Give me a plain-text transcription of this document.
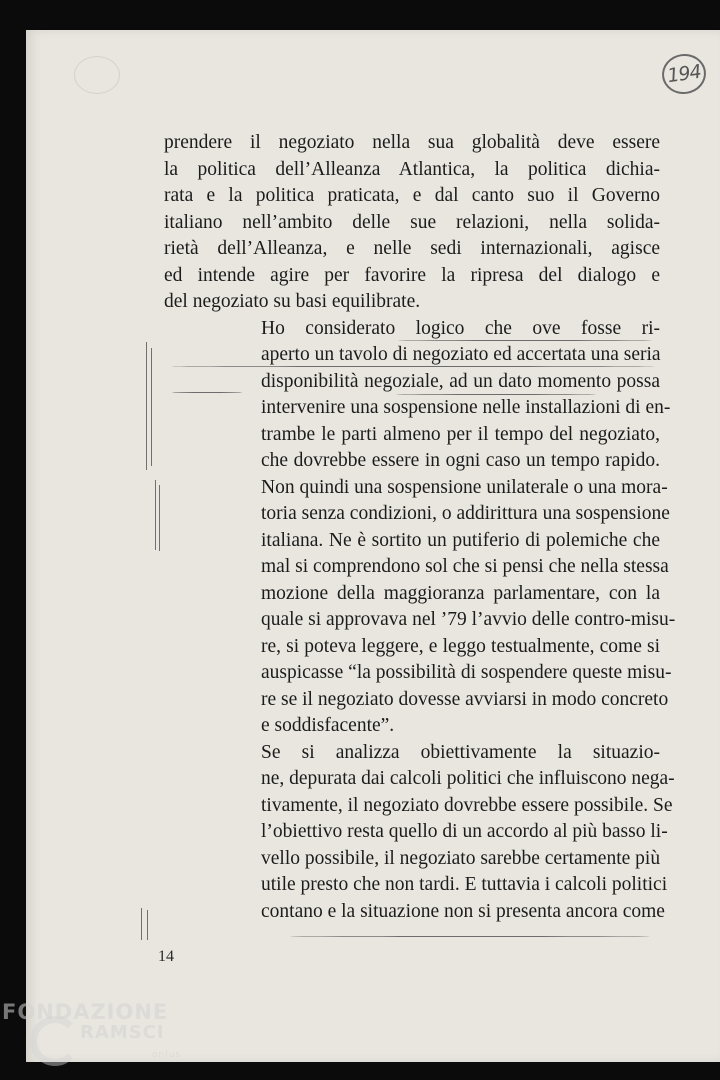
194

prendere il negoziato nella sua globalità deve essere
la politica dell’Alleanza Atlantica, la politica dichia-
rata e la politica praticata, e dal canto suo il Governo
italiano nell’ambito delle sue relazioni, nella solida-
rietà dell’Alleanza, e nelle sedi internazionali, agisce
ed intende agire per favorire la ripresa del dialogo e
del negoziato su basi equilibrate.

Ho considerato logico che ove fosse ri-
aperto un tavolo di negoziato ed accertata una seria
disponibilità negoziale, ad un dato momento possa
intervenire una sospensione nelle installazioni di en-
trambe le parti almeno per il tempo del negoziato,
che dovrebbe essere in ogni caso un tempo rapido.
Non quindi una sospensione unilaterale o una mora-
toria senza condizioni, o addirittura una sospensione
italiana. Ne è sortito un putiferio di polemiche che
mal si comprendono sol che si pensi che nella stessa
mozione della maggioranza parlamentare, con la
quale si approvava nel ’79 l’avvio delle contro-misu-
re, si poteva leggere, e leggo testualmente, come si
auspicasse “la possibilità di sospendere queste misu-
re se il negoziato dovesse avviarsi in modo concreto
e soddisfacente”.

Se si analizza obiettivamente la situazio-
ne, depurata dai calcoli politici che influiscono nega-
tivamente, il negoziato dovrebbe essere possibile. Se
l’obiettivo resta quello di un accordo al più basso li-
vello possibile, il negoziato sarebbe certamente più
utile presto che non tardi. E tuttavia i calcoli politici
contano e la situazione non si presenta ancora come

14
FONDAZIONE
RAMSCI
onlus
